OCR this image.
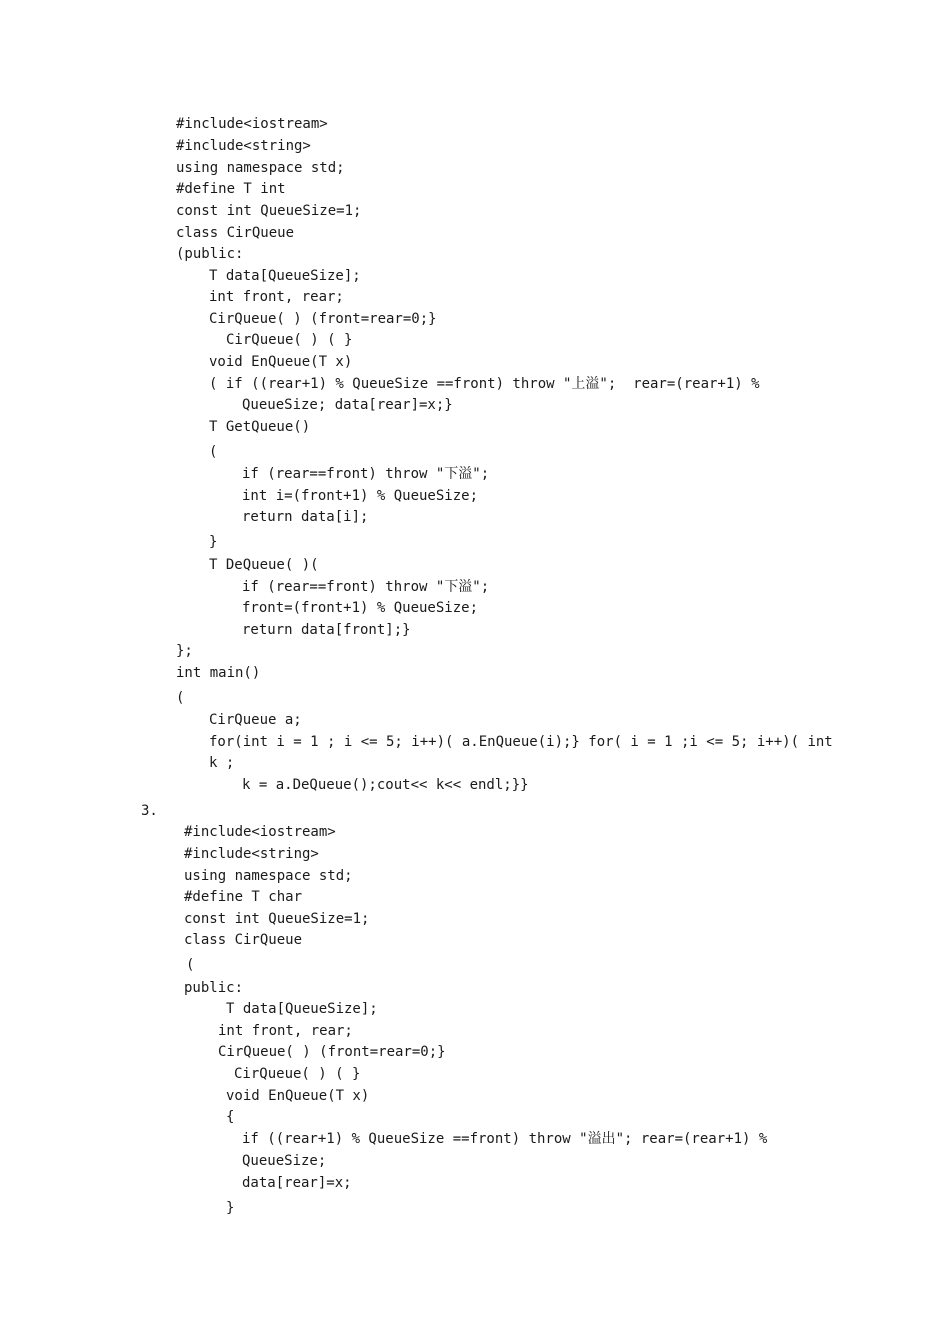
#include<iostream>
#include<string>
using namespace std;
#define T int
const int QueueSize=1;
class CirQueue
(public:
T data[QueueSize];
int front, rear;
CirQueue( ) (front=rear=0;}
CirQueue( ) ( }
void EnQueue(T x)
( if ((rear+1) % QueueSize ==front) throw "上溢";  rear=(rear+1) %
QueueSize; data[rear]=x;}
T GetQueue()
(
if (rear==front) throw "下溢";
int i=(front+1) % QueueSize;
return data[i];
}
T DeQueue( )(
if (rear==front) throw "下溢";
front=(front+1) % QueueSize;
return data[front];}
};
int main()
(
CirQueue a;
for(int i = 1 ; i <= 5; i++)( a.EnQueue(i);} for( i = 1 ;i <= 5; i++)( int
k ;
k = a.DeQueue();cout<< k<< endl;}}
3.
#include<iostream>
#include<string>
using namespace std;
#define T char
const int QueueSize=1;
class CirQueue
(
public:
T data[QueueSize];
int front, rear;
CirQueue( ) (front=rear=0;}
CirQueue( ) ( }
void EnQueue(T x)
{
if ((rear+1) % QueueSize ==front) throw "溢出"; rear=(rear+1) %
QueueSize;
data[rear]=x;
}
